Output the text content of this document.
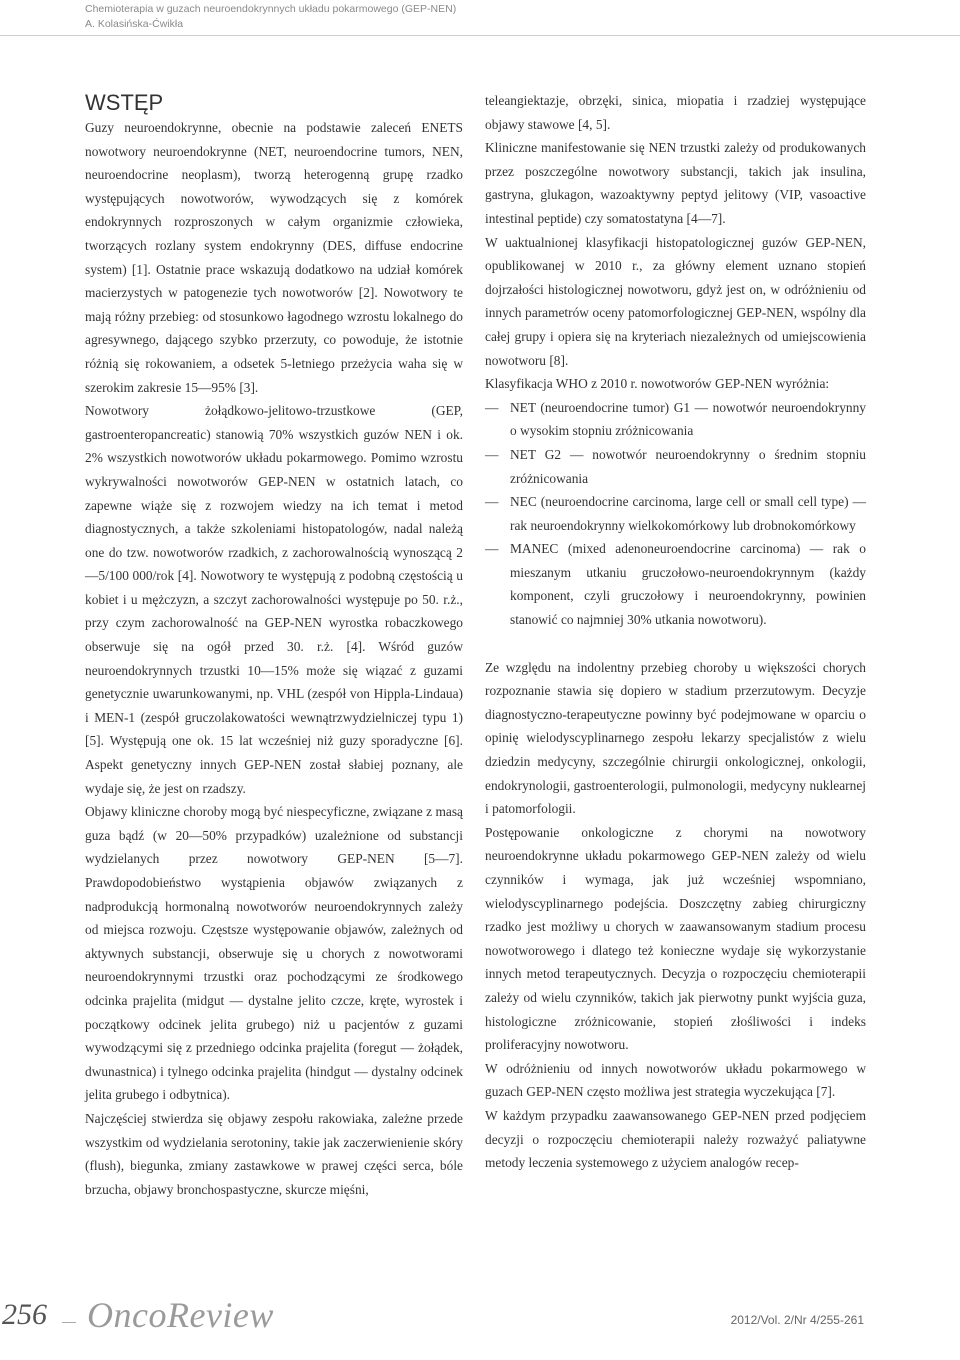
Chemioterapia w guzach neuroendokrynnych układu pokarmowego (GEP-NEN)
A. Kolasińska-Ćwikła
WSTĘP

Guzy neuroendokrynne, obecnie na podstawie zaleceń ENETS nowotwory neuroendokrynne (NET, neuroendocrine tumors, NEN, neuroendocrine neoplasm), tworzą heterogenną grupę rzadko występujących nowotworów, wywodzących się z komórek endokrynnych rozproszonych w całym organizmie człowieka, tworzących rozlany system endokrynny (DES, diffuse endocrine system) [1]. Ostatnie prace wskazują dodatkowo na udział komórek macierzystych w patogenezie tych nowotworów [2]. Nowotwory te mają różny przebieg: od stosunkowo łagodnego wzrostu lokalnego do agresywnego, dającego szybko przerzuty, co powoduje, że istotnie różnią się rokowaniem, a odsetek 5-letniego przeżycia waha się w szerokim zakresie 15—95% [3].

Nowotwory żołądkowo-jelitowo-trzustkowe (GEP, gastroenteropancreatic) stanowią 70% wszystkich guzów NEN i ok. 2% wszystkich nowotworów układu pokarmowego. Pomimo wzrostu wykrywalności nowotworów GEP-NEN w ostatnich latach, co zapewne wiąże się z rozwojem wiedzy na ich temat i metod diagnostycznych, a także szkoleniami histopatologów, nadal należą one do tzw. nowotworów rzadkich, z zachorowalnością wynoszącą 2—5/100 000/rok [4]. Nowotwory te występują z podobną częstością u kobiet i u mężczyzn, a szczyt zachorowalności występuje po 50. r.ż., przy czym zachorowalność na GEP-NEN wyrostka robaczkowego obserwuje się na ogół przed 30. r.ż. [4]. Wśród guzów neuroendokrynnych trzustki 10—15% może się wiązać z guzami genetycznie uwarunkowanymi, np. VHL (zespół von Hippla-Lindaua) i MEN-1 (zespół gruczolakowatości wewnątrzwydzielniczej typu 1) [5]. Występują one ok. 15 lat wcześniej niż guzy sporadyczne [6]. Aspekt genetyczny innych GEP-NEN został słabiej poznany, ale wydaje się, że jest on rzadszy.

Objawy kliniczne choroby mogą być niespecyficzne, związane z masą guza bądź (w 20—50% przypadków) uzależnione od substancji wydzielanych przez nowotwory GEP-NEN [5—7]. Prawdopodobieństwo wystąpienia objawów związanych z nadprodukcją hormonalną nowotworów neuroendokrynnych zależy od miejsca rozwoju. Częstsze występowanie objawów, zależnych od aktywnych substancji, obserwuje się u chorych z nowotworami neuroendokrynnymi trzustki oraz pochodzącymi ze środkowego odcinka prajelita (midgut — dystalne jelito czcze, kręte, wyrostek i początkowy odcinek jelita grubego) niż u pacjentów z guzami wywodzącymi się z przedniego odcinka prajelita (foregut — żołądek, dwunastnica) i tylnego odcinka prajelita (hindgut — dystalny odcinek jelita grubego i odbytnica).

Najczęściej stwierdza się objawy zespołu rakowiaka, zależne przede wszystkim od wydzielania serotoniny, takie jak zaczerwienienie skóry (flush), biegunka, zmiany zastawkowe w prawej części serca, bóle brzucha, objawy bronchospastyczne, skurcze mięśni,

teleangiektazje, obrzęki, sinica, miopatia i rzadziej występujące objawy stawowe [4, 5].

Kliniczne manifestowanie się NEN trzustki zależy od produkowanych przez poszczególne nowotwory substancji, takich jak insulina, gastryna, glukagon, wazoaktywny peptyd jelitowy (VIP, vasoactive intestinal peptide) czy somatostatyna [4—7].

W uaktualnionej klasyfikacji histopatologicznej guzów GEP-NEN, opublikowanej w 2010 r., za główny element uznano stopień dojrzałości histologicznej nowotworu, gdyż jest on, w odróżnieniu od innych parametrów oceny patomorfologicznej GEP-NEN, wspólny dla całej grupy i opiera się na kryteriach niezależnych od umiejscowienia nowotworu [8].

Klasyfikacja WHO z 2010 r. nowotworów GEP-NEN wyróżnia:

— NET (neuroendocrine tumor) G1 — nowotwór neuroendokrynny o wysokim stopniu zróżnicowania
— NET G2 — nowotwór neuroendokrynny o średnim stopniu zróżnicowania
— NEC (neuroendocrine carcinoma, large cell or small cell type) — rak neuroendokrynny wielkokomórkowy lub drobnokomórkowy
— MANEC (mixed adenoneuroendocrine carcinoma) — rak o mieszanym utkaniu gruczołowo-neuroendokrynnym (każdy komponent, czyli gruczołowy i neuroendokrynny, powinien stanowić co najmniej 30% utkania nowotworu).

Ze względu na indolentny przebieg choroby u większości chorych rozpoznanie stawia się dopiero w stadium przerzutowym. Decyzje diagnostyczno-terapeutyczne powinny być podejmowane w oparciu o opinię wielodyscyplinarnego zespołu lekarzy specjalistów z wielu dziedzin medycyny, szczególnie chirurgii onkologicznej, onkologii, endokrynologii, gastroenterologii, pulmonologii, medycyny nuklearnej i patomorfologii.

Postępowanie onkologiczne z chorymi na nowotwory neuroendokrynne układu pokarmowego GEP-NEN zależy od wielu czynników i wymaga, jak już wcześniej wspomniano, wielodyscyplinarnego podejścia. Doszczętny zabieg chirurgiczny rzadko jest możliwy u chorych w zaawansowanym stadium procesu nowotworowego i dlatego też konieczne wydaje się wykorzystanie innych metod terapeutycznych. Decyzja o rozpoczęciu chemioterapii zależy od wielu czynników, takich jak pierwotny punkt wyjścia guza, histologiczne zróżnicowanie, stopień złośliwości i indeks proliferacyjny nowotworu.

W odróżnieniu od innych nowotworów układu pokarmowego w guzach GEP-NEN często możliwa jest strategia wyczekująca [7].

W każdym przypadku zaawansowanego GEP-NEN przed podjęciem decyzji o rozpoczęciu chemioterapii należy rozważyć paliatywne metody leczenia systemowego z użyciem analogów recep-

256 OncoReview	2012/Vol. 2/Nr 4/255-261
